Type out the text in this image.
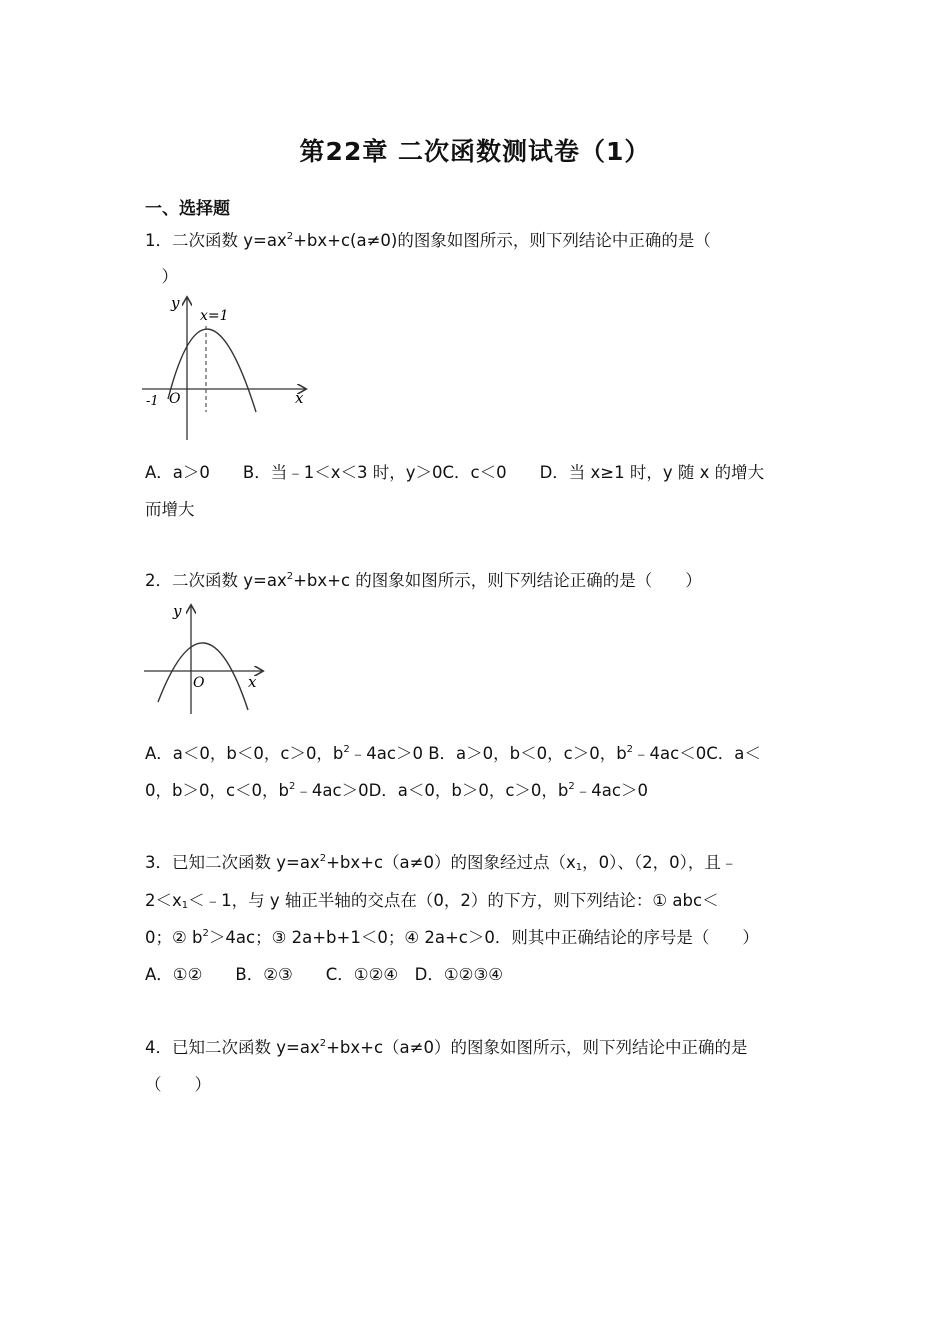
第22章 二次函数测试卷（1）
一、选择题
1．二次函数 $y=ax^2+bx+c(a\ne 0)$的图象如图所示，则下列结论中正确的是（
　）
y
x
x=1
O
-1
A．a＞0　　B．当﹣1＜x＜3 时，y＞0C．c＜0　　D．当 x≥1 时，y 随 x 的增大
而增大
2．二次函数 $y=ax^2+bx+c$ 的图象如图所示，则下列结论正确的是（　　）
y
x
O
A．a＜0，b＜0，c＞0，$b^2﹣4ac>0$ B．a＞0，b＜0，c＞0，$b^2﹣4ac<0C$．a＜
0，b＞0，c＜0，$b^2﹣4ac>0D$．a＜0，b＞0，c＞0，$b^2﹣4ac>0$
3．已知二次函数 $y=ax^2+bx+c(a\ne 0)$的图象经过点（$x_1$，0）、（2，0），且﹣
$2<x_1<﹣1$，与 y 轴正半轴的交点在（0，2）的下方，则下列结论：① abc＜
0；② $b^2>4ac$；③ 2a+b+1＜0；④ 2a+c＞0．则其中正确结论的序号是（　　）
A．①②　　B．②③　　C．①②④　D．①②③④
4．已知二次函数 $y=ax^2+bx+c(a\ne 0)$的图象如图所示，则下列结论中正确的是
（　　）
